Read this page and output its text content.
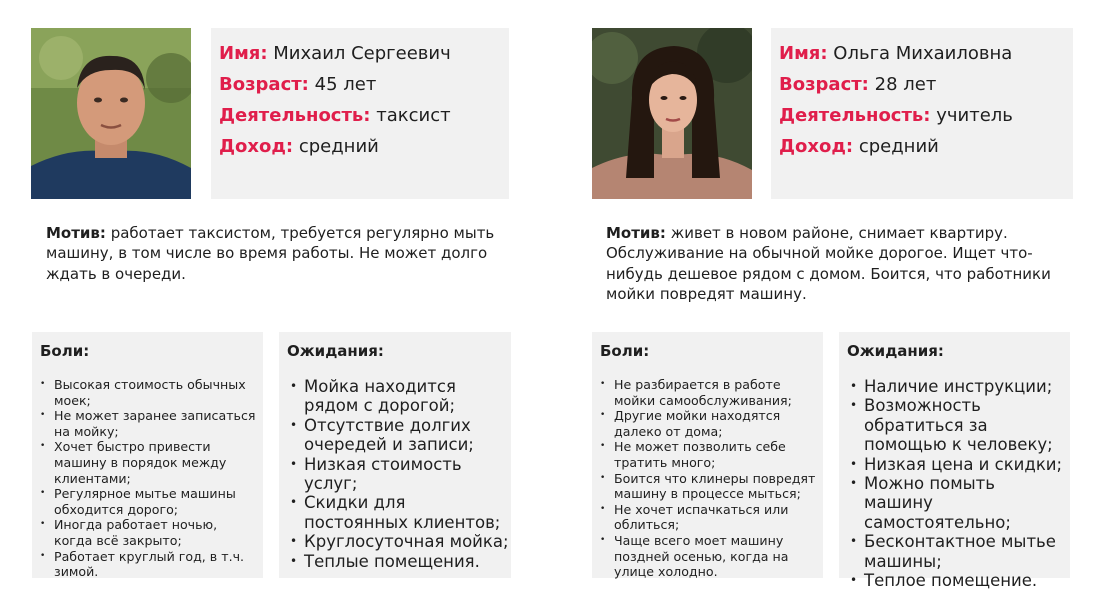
Имя: Михаил Сергеевич
Возраст: 45 лет
Деятельность: таксист
Доход: средний
Мотив: работает таксистом, требуется регулярно мыть машину, в том числе во время работы. Не может долго ждать в очереди.
Боли:
• Высокая стоимость обычных моек;
• Не может заранее записаться на мойку;
• Хочет быстро привести машину в порядок между клиентами;
• Регулярное мытье машины обходится дорого;
• Иногда работает ночью, когда всё закрыто;
• Работает круглый год, в т.ч. зимой.
Ожидания:
• Мойка находится рядом с дорогой;
• Отсутствие долгих очередей и записи;
• Низкая стоимость услуг;
• Скидки для постоянных клиентов;
• Круглосуточная мойка;
• Теплые помещения.
Имя: Ольга Михаиловна
Возраст: 28 лет
Деятельность: учитель
Доход: средний
Мотив: живет в новом районе, снимает квартиру. Обслуживание на обычной мойке дорогое. Ищет что-нибудь дешевое рядом с домом. Боится, что работники мойки повредят машину.
Боли:
• Не разбирается в работе мойки самообслуживания;
• Другие мойки находятся далеко от дома;
• Не может позволить себе тратить много;
• Боится что клинеры повредят машину в процессе мыться;
• Не хочет испачкаться или облиться;
• Чаще всего моет машину поздней осенью, когда на улице холодно.
Ожидания:
• Наличие инструкции;
• Возможность обратиться за помощью к человеку;
• Низкая цена и скидки;
• Можно помыть машину самостоятельно;
• Бесконтактное мытье машины;
• Теплое помещение.
